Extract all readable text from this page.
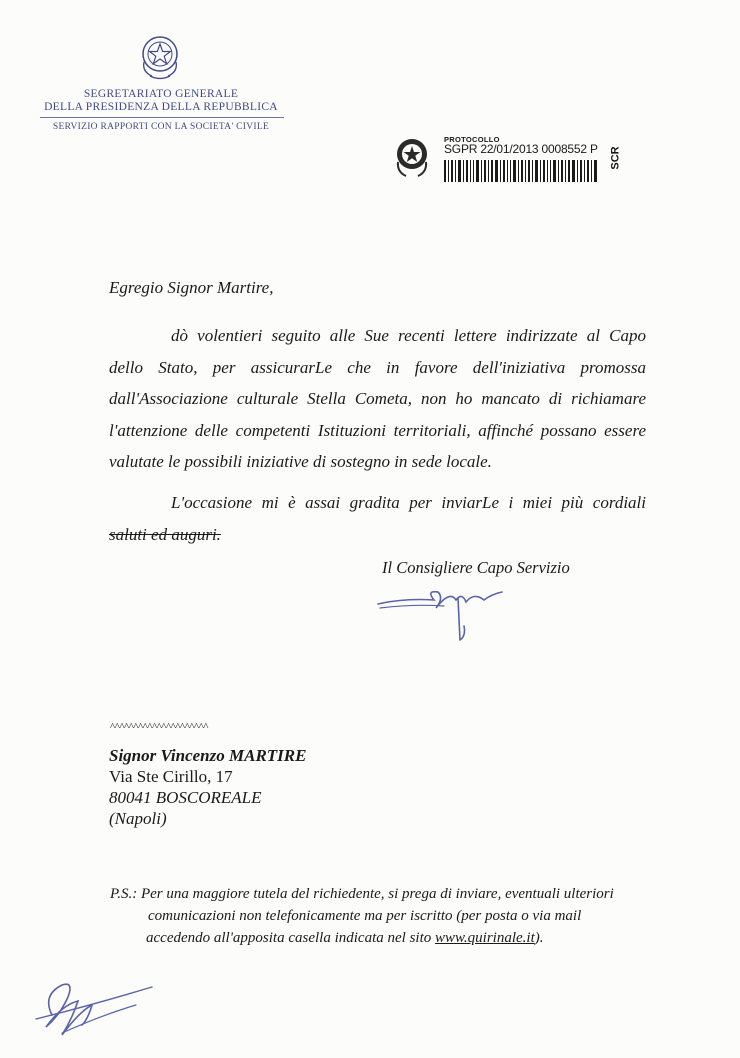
SEGRETARIATO GENERALE
DELLA PRESIDENZA DELLA REPUBBLICA
SERVIZIO RAPPORTI CON LA SOCIETA' CIVILE
PROTOCOLLO
SGPR 22/01/2013 0008552 P SCR
Egregio Signor Martire,
dò volentieri seguito alle Sue recenti lettere indirizzate al Capo
dello Stato, per assicurarLe che in favore dell'iniziativa promossa
dall'Associazione culturale Stella Cometa, non ho mancato di richiamare
l'attenzione delle competenti Istituzioni territoriali, affinché possano essere
valutate le possibili iniziative di sostegno in sede locale.
L'occasione mi è assai gradita per inviarLe i miei più cordiali
saluti ed auguri.
Il Consigliere Capo Servizio
^^^^^^^^^^^^^^^^^^^^^
Signor Vincenzo MARTIRE
Via Ste Cirillo, 17
80041 BOSCOREALE
(Napoli)
P.S.: Per una maggiore tutela del richiedente, si prega di inviare, eventuali ulteriori
comunicazioni non telefonicamente ma per iscritto (per posta o via mail
accedendo all'apposita casella indicata nel sito www.quirinale.it).
